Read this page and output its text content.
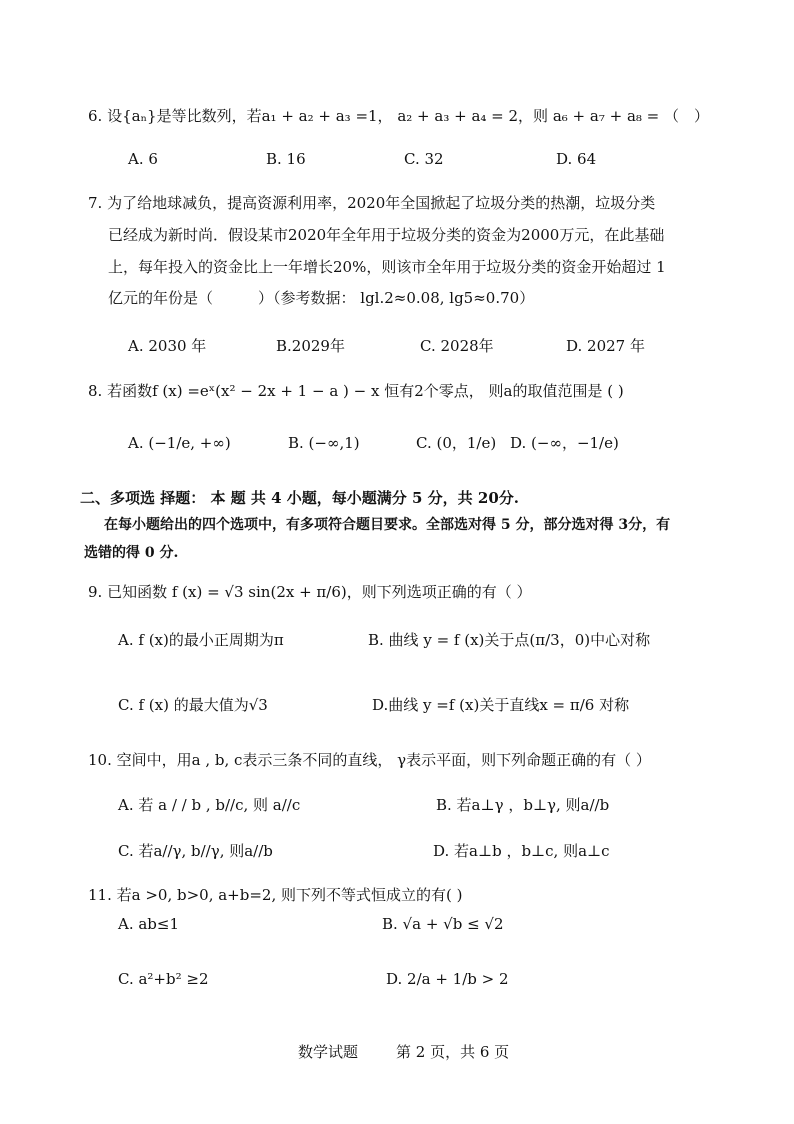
6. 设{aₙ}是等比数列，若a₁ + a₂ + a₃ =1， a₂ + a₃ + a₄ = 2，则 a₆ + a₇ + a₈ = （　）
A. 6	B. 16	C. 32	D. 64
7. 为了给地球减负，提高资源利用率，2020年全国掀起了垃圾分类的热潮，垃圾分类
已经成为新时尚．假设某市2020年全年用于垃圾分类的资金为2000万元，在此基础
上，每年投入的资金比上一年增长20%，则该市全年用于垃圾分类的资金开始超过 1
亿元的年份是（　　　）（参考数据： lgl.2≈0.08, lg5≈0.70）
A. 2030 年	B.2029年	C. 2028年	D. 2027 年
8. 若函数f (x) =eˣ(x² − 2x + 1 − a ) − x 恒有2个零点， 则a的取值范围是 ( )
A. (−1/e, +∞)	B. (−∞,1)	C. (0，1/e) D. (−∞，−1/e)
二、多项选 择题： 本 题 共 4 小题，每小题满分 5 分，共 20分.
在每小题给出的四个选项中，有多项符合题目要求。全部选对得 5 分，部分选对得 3分，有
选错的得 0 分.
9. 已知函数 f (x) = √3 sin(2x + π/6)，则下列选项正确的有（ ）
A. f (x)的最小正周期为π	B. 曲线 y = f (x)关于点(π/3，0)中心对称
C. f (x) 的最大值为√3	D.曲线 y =f (x)关于直线x = π/6 对称
10. 空间中，用a , b, c表示三条不同的直线， γ表示平面，则下列命题正确的有（ ）
A. 若 a / / b , b//c, 则 a//c	B. 若a⊥γ ，b⊥γ, 则a//b
C. 若a//γ, b//γ, 则a//b	D. 若a⊥b ，b⊥c, 则a⊥c
11. 若a >0, b>0, a+b=2, 则下列不等式恒成立的有( )
A. ab≤1	B. √a + √b ≤ √2
C. a²+b² ≥2	D. 2/a + 1/b > 2
数学试题	第 2 页，共 6 页
